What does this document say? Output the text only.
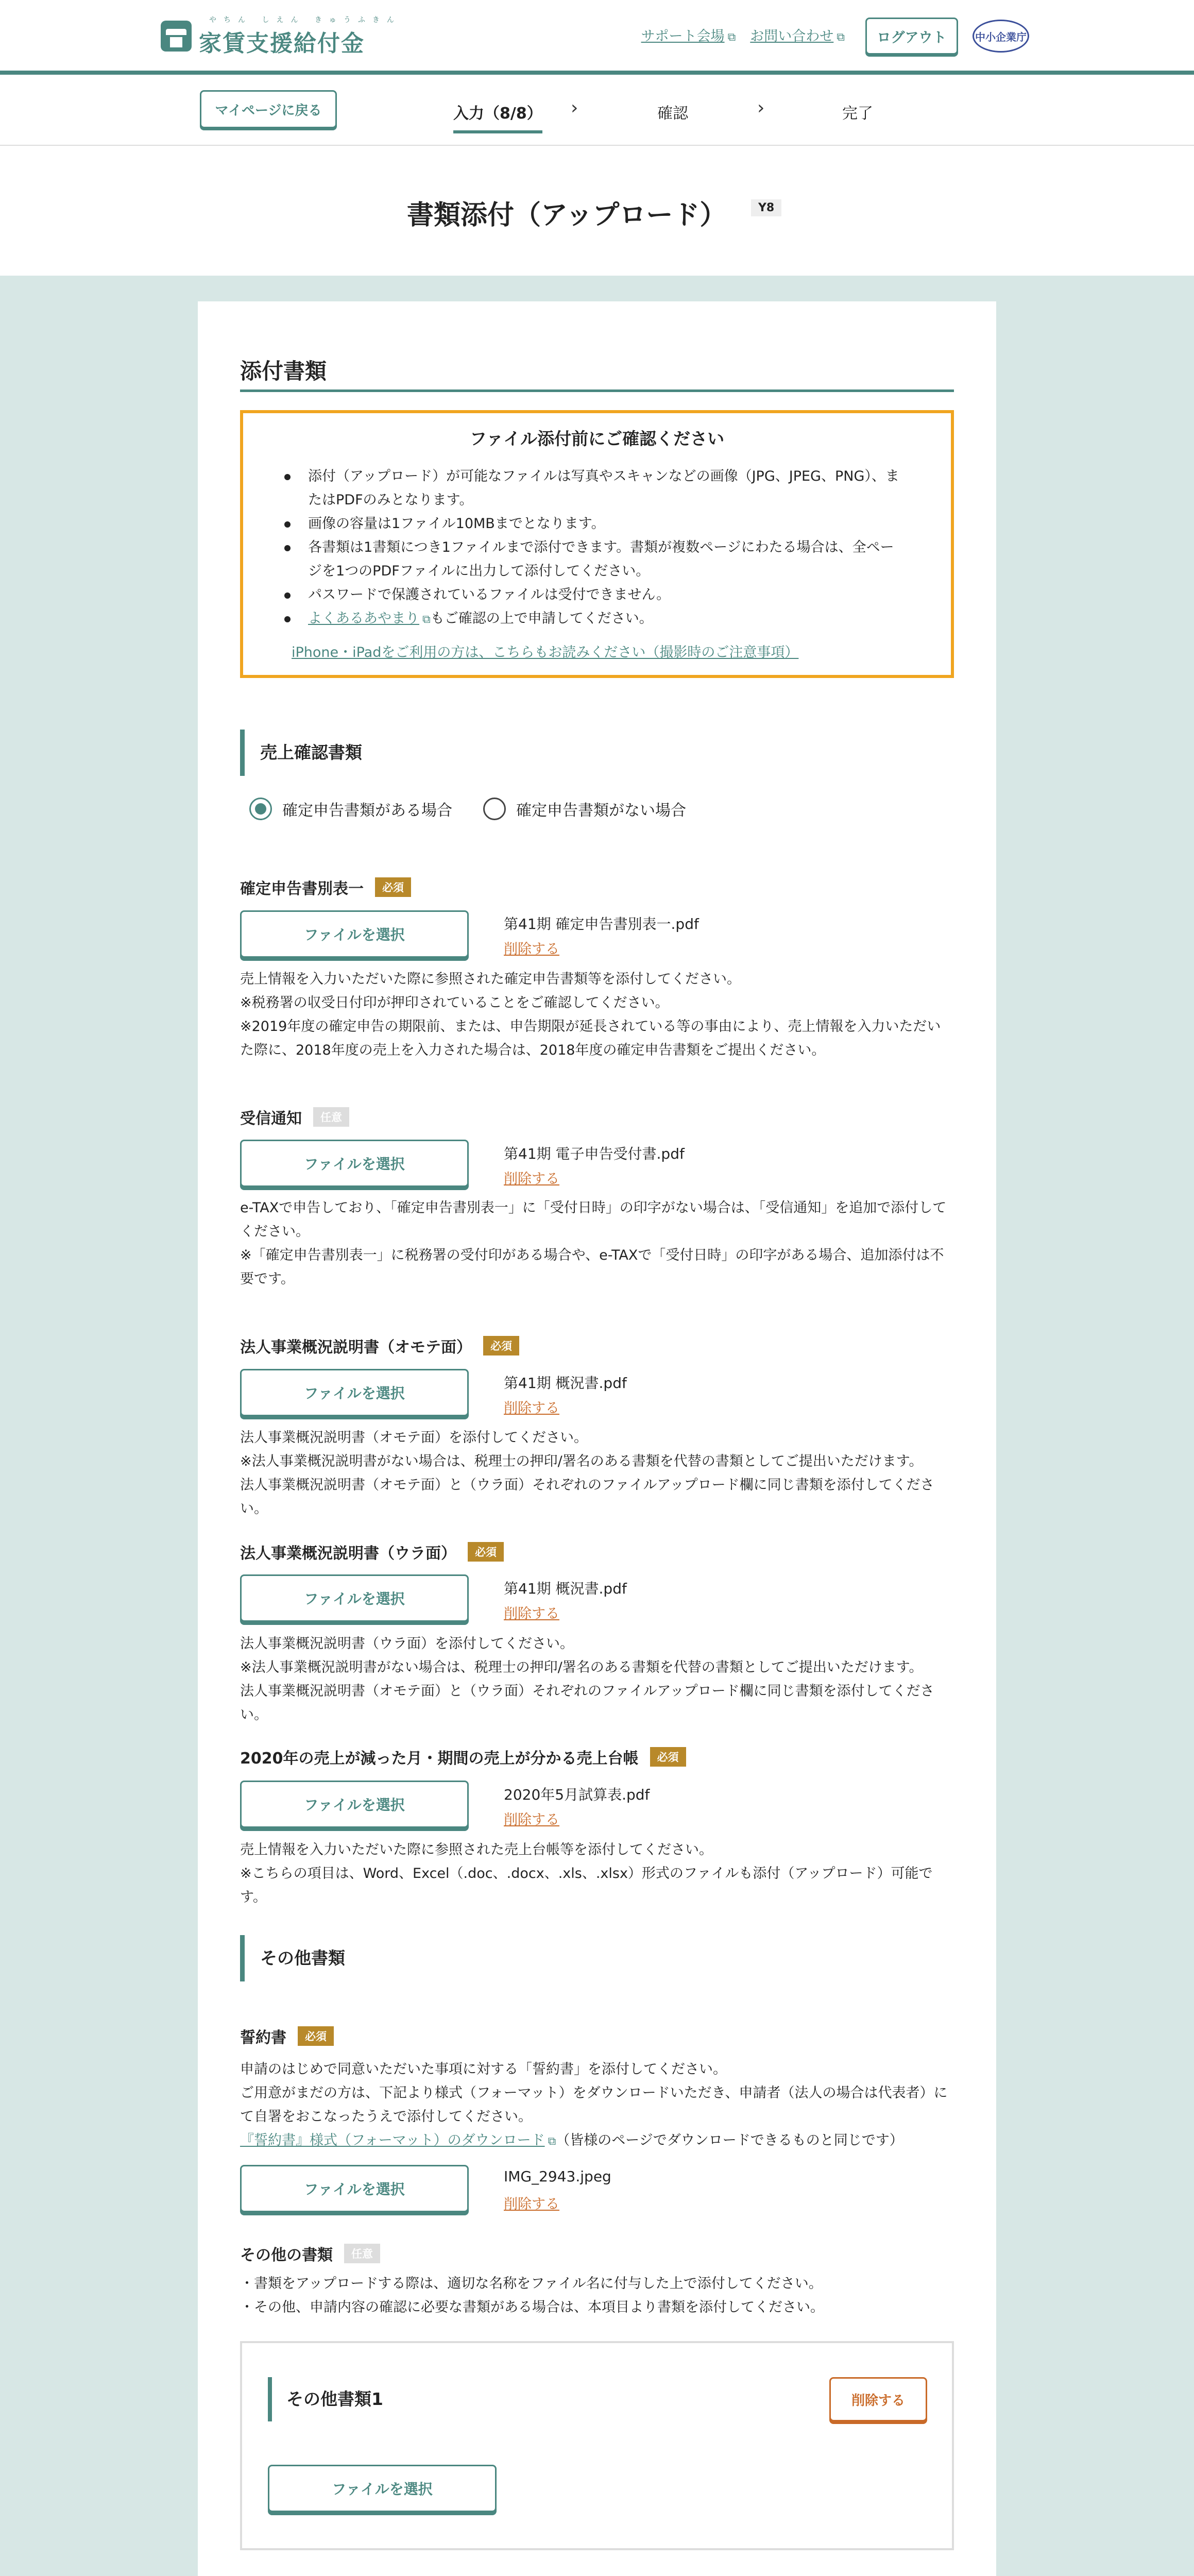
やちん しえん きゅうふきん
家賃支援給付金	サポート会場 ⧉ お問い合わせ ⧉	ログアウト	中小企業庁
マイページに戻る	入力（8/8） ›	確認	›	完了
書類添付（アップロード）	Y8
添付書類
ファイル添付前にご確認ください
添付（アップロード）が可能なファイルは写真やスキャンなどの画像（JPG、JPEG、PNG）、またはPDFのみとなります。
画像の容量は1ファイル10MBまでとなります。
各書類は1書類につき1ファイルまで添付できます。書類が複数ページにわたる場合は、全ページを1つのPDFファイルに出力して添付してください。
パスワードで保護されているファイルは受付できません。
よくあるあやまり ⧉もご確認の上で申請してください。
iPhone・iPadをご利用の方は、こちらもお読みください（撮影時のご注意事項）
売上確認書類
確定申告書類がある場合	確定申告書類がない場合
確定申告書別表一	必須
ファイルを選択
第41期 確定申告書別表一.pdf
削除する
売上情報を入力いただいた際に参照された確定申告書類等を添付してください。
※税務署の収受日付印が押印されていることをご確認してください。
※2019年度の確定申告の期限前、または、申告期限が延長されている等の事由により、売上情報を入力いただいた際に、2018年度の売上を入力された場合は、2018年度の確定申告書類をご提出ください。
受信通知	任意
ファイルを選択
第41期 電子申告受付書.pdf
削除する
e-TAXで申告しており、「確定申告書別表一」に「受付日時」の印字がない場合は、「受信通知」を追加で添付してください。
※「確定申告書別表一」に税務署の受付印がある場合や、e-TAXで「受付日時」の印字がある場合、追加添付は不要です。
法人事業概況説明書（オモテ面）	必須
ファイルを選択
第41期 概況書.pdf
削除する
法人事業概況説明書（オモテ面）を添付してください。
※法人事業概況説明書がない場合は、税理士の押印/署名のある書類を代替の書類としてご提出いただけます。
法人事業概況説明書（オモテ面）と（ウラ面）それぞれのファイルアップロード欄に同じ書類を添付してください。
法人事業概況説明書（ウラ面）	必須
ファイルを選択
第41期 概況書.pdf
削除する
法人事業概況説明書（ウラ面）を添付してください。
※法人事業概況説明書がない場合は、税理士の押印/署名のある書類を代替の書類としてご提出いただけます。
法人事業概況説明書（オモテ面）と（ウラ面）それぞれのファイルアップロード欄に同じ書類を添付してください。
2020年の売上が減った月・期間の売上が分かる売上台帳	必須
ファイルを選択
2020年5月試算表.pdf
削除する
売上情報を入力いただいた際に参照された売上台帳等を添付してください。
※こちらの項目は、Word、Excel（.doc、.docx、.xls、.xlsx）形式のファイルも添付（アップロード）可能です。
その他書類
誓約書	必須
申請のはじめで同意いただいた事項に対する「誓約書」を添付してください。
ご用意がまだの方は、下記より様式（フォーマット）をダウンロードいただき、申請者（法人の場合は代表者）にて自署をおこなったうえで添付してください。
『誓約書』様式（フォーマット）のダウンロード ⧉（皆様のページでダウンロードできるものと同じです）
ファイルを選択
IMG_2943.jpeg
削除する
その他の書類	任意
・書類をアップロードする際は、適切な名称をファイル名に付与した上で添付してください。
・その他、申請内容の確認に必要な書類がある場合は、本項目より書類を添付してください。
その他書類1	削除する
ファイルを選択
